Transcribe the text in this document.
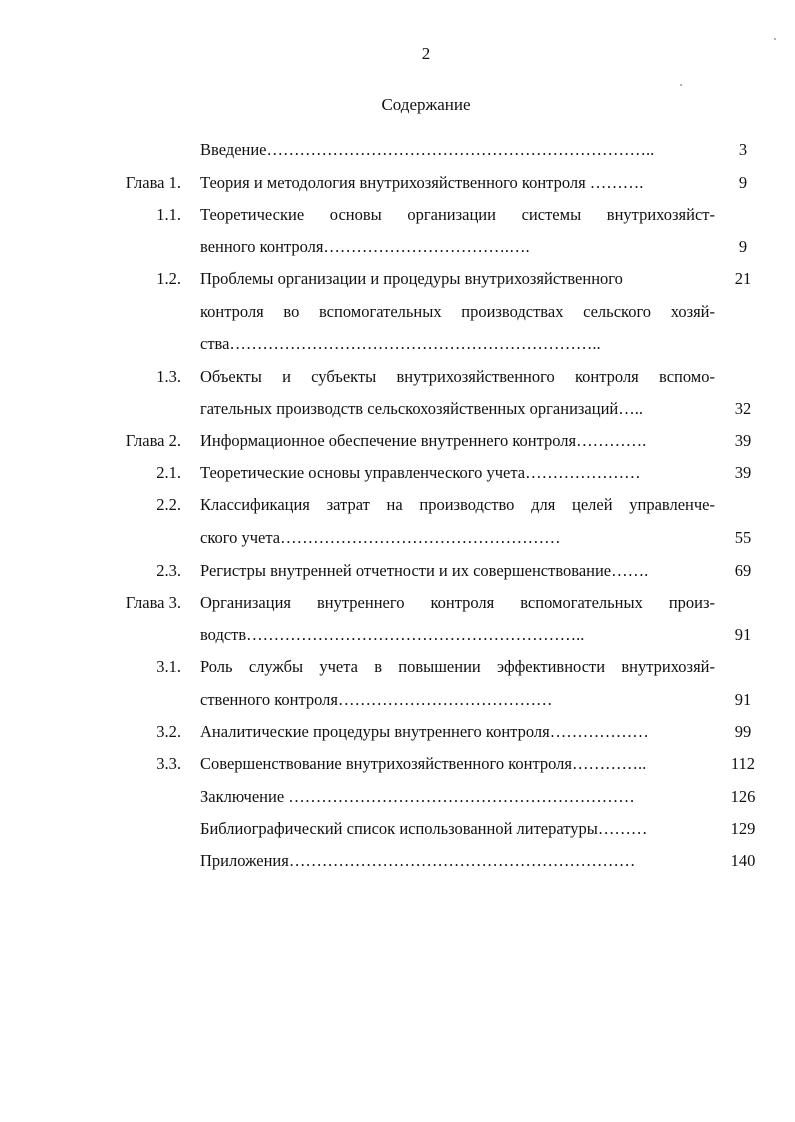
2
Содержание
Введение……………………………………………………………..	3
Глава 1. Теория и методология внутрихозяйственного контроля ……….	9
1.1. Теоретические основы организации системы внутрихозяйст-
венного контроля…………………………….….	9
1.2. Проблемы организации и процедуры внутрихозяйственного	21
контроля во вспомогательных производствах сельского хозяй-
ства…………………………………………………………..
1.3. Объекты и субъекты внутрихозяйственного контроля вспомо-
гательных производств сельскохозяйственных организаций…..	32
Глава 2. Информационное обеспечение внутреннего контроля………….	39
2.1. Теоретические основы управленческого учета…………………	39
2.2. Классификация затрат на производство для целей управленче-
ского учета……………………………………………	55
2.3. Регистры внутренней отчетности и их совершенствование…….	69
Глава 3. Организация внутреннего контроля вспомогательных произ-
водств……………………………………………………..	91
3.1. Роль службы учета в повышении эффективности внутрихозяй-
ственного контроля…………………………………	91
3.2. Аналитические процедуры внутреннего контроля………………	99
3.3. Совершенствование внутрихозяйственного контроля…………..	112
Заключение ………………………………………………………	126
Библиографический список использованной литературы………	129
Приложения………………………………………………………	140
